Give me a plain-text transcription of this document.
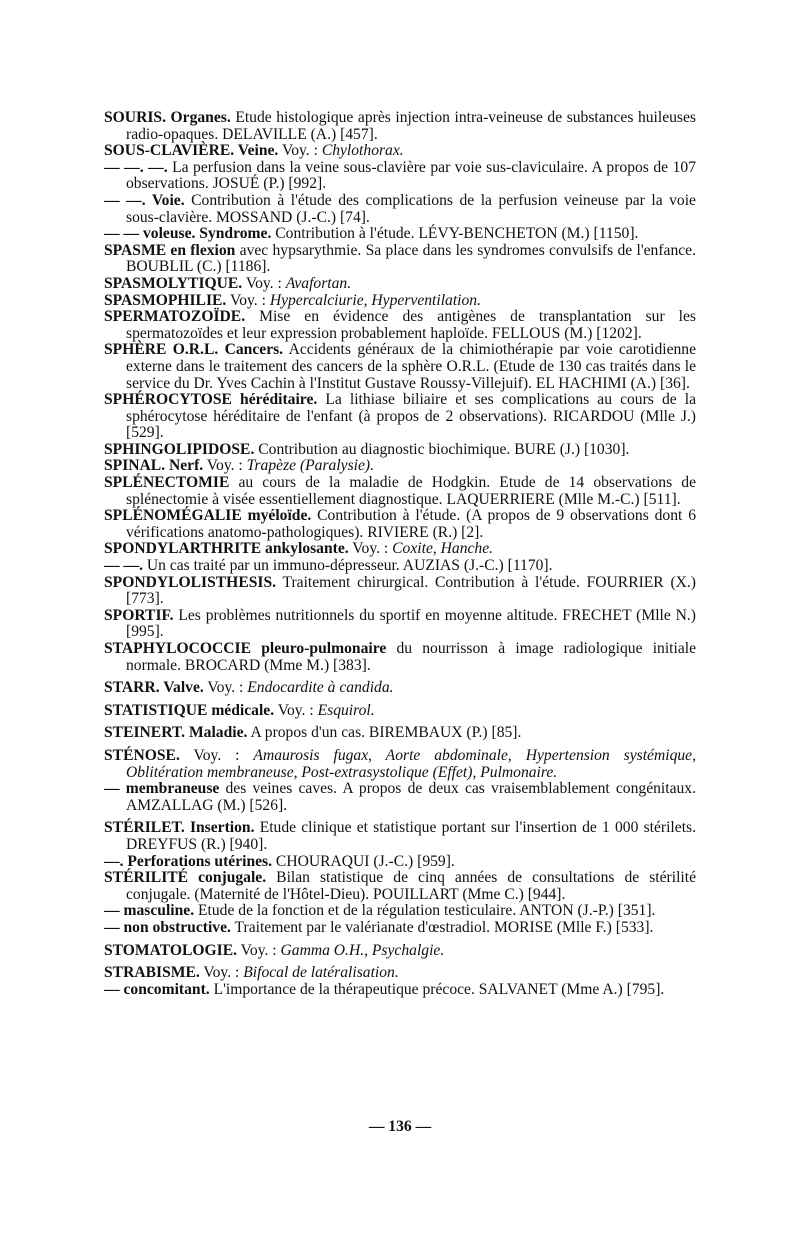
SOURIS. Organes. Etude histologique après injection intra-veineuse de substances huileuses radio-opaques. DELAVILLE (A.) [457].

SOUS-CLAVIÈRE. Veine. Voy. : Chylothorax.

— —. —. La perfusion dans la veine sous-clavière par voie sus-claviculaire. A propos de 107 observations. JOSUÉ (P.) [992].

— —. Voie. Contribution à l'étude des complications de la perfusion veineuse par la voie sous-clavière. MOSSAND (J.-C.) [74].

— — voleuse. Syndrome. Contribution à l'étude. LÉVY-BENCHETON (M.) [1150].

SPASME en flexion avec hypsarythmie. Sa place dans les syndromes convulsifs de l'enfance. BOUBLIL (C.) [1186].

SPASMOLYTIQUE. Voy. : Avafortan.

SPASMOPHILIE. Voy. : Hypercalciurie, Hyperventilation.

SPERMATOZOÏDE. Mise en évidence des antigènes de transplantation sur les spermatozoïdes et leur expression probablement haploïde. FELLOUS (M.) [1202].

SPHÈRE O.R.L. Cancers. Accidents généraux de la chimiothérapie par voie carotidienne externe dans le traitement des cancers de la sphère O.R.L. (Etude de 130 cas traités dans le service du Dr. Yves Cachin à l'Institut Gustave Roussy-Villejuif). EL HACHIMI (A.) [36].

SPHÉROCYTOSE héréditaire. La lithiase biliaire et ses complications au cours de la sphérocytose héréditaire de l'enfant (à propos de 2 observations). RICARDOU (Mlle J.) [529].

SPHINGOLIPIDOSE. Contribution au diagnostic biochimique. BURE (J.) [1030].

SPINAL. Nerf. Voy. : Trapèze (Paralysie).

SPLÉNECTOMIE au cours de la maladie de Hodgkin. Etude de 14 observations de splénectomie à visée essentiellement diagnostique. LAQUERRIERE (Mlle M.-C.) [511].

SPLÉNOMÉGALIE myéloïde. Contribution à l'étude. (A propos de 9 observations dont 6 vérifications anatomo-pathologiques). RIVIERE (R.) [2].

SPONDYLARTHRITE ankylosante. Voy. : Coxite, Hanche.

— —. Un cas traité par un immuno-dépresseur. AUZIAS (J.-C.) [1170].

SPONDYLOLISTHESIS. Traitement chirurgical. Contribution à l'étude. FOURRIER (X.) [773].

SPORTIF. Les problèmes nutritionnels du sportif en moyenne altitude. FRECHET (Mlle N.) [995].

STAPHYLOCOCCIE pleuro-pulmonaire du nourrisson à image radiologique initiale normale. BROCARD (Mme M.) [383].

STARR. Valve. Voy. : Endocardite à candida.

STATISTIQUE médicale. Voy. : Esquirol.

STEINERT. Maladie. A propos d'un cas. BIREMBAUX (P.) [85].

STÉNOSE. Voy. : Amaurosis fugax, Aorte abdominale, Hypertension systémique, Oblitération membraneuse, Post-extrasystolique (Effet), Pulmonaire.

— membraneuse des veines caves. A propos de deux cas vraisemblablement congénitaux. AMZALLAG (M.) [526].

STÉRILET. Insertion. Etude clinique et statistique portant sur l'insertion de 1 000 stérilets. DREYFUS (R.) [940].

—. Perforations utérines. CHOURAQUI (J.-C.) [959].

STÉRILITÉ conjugale. Bilan statistique de cinq années de consultations de stérilité conjugale. (Maternité de l'Hôtel-Dieu). POUILLART (Mme C.) [944].

— masculine. Etude de la fonction et de la régulation testiculaire. ANTON (J.-P.) [351].

— non obstructive. Traitement par le valérianate d'œstradiol. MORISE (Mlle F.) [533].

STOMATOLOGIE. Voy. : Gamma O.H., Psychalgie.

STRABISME. Voy. : Bifocal de latéralisation.

— concomitant. L'importance de la thérapeutique précoce. SALVANET (Mme A.) [795].

— 136 —
